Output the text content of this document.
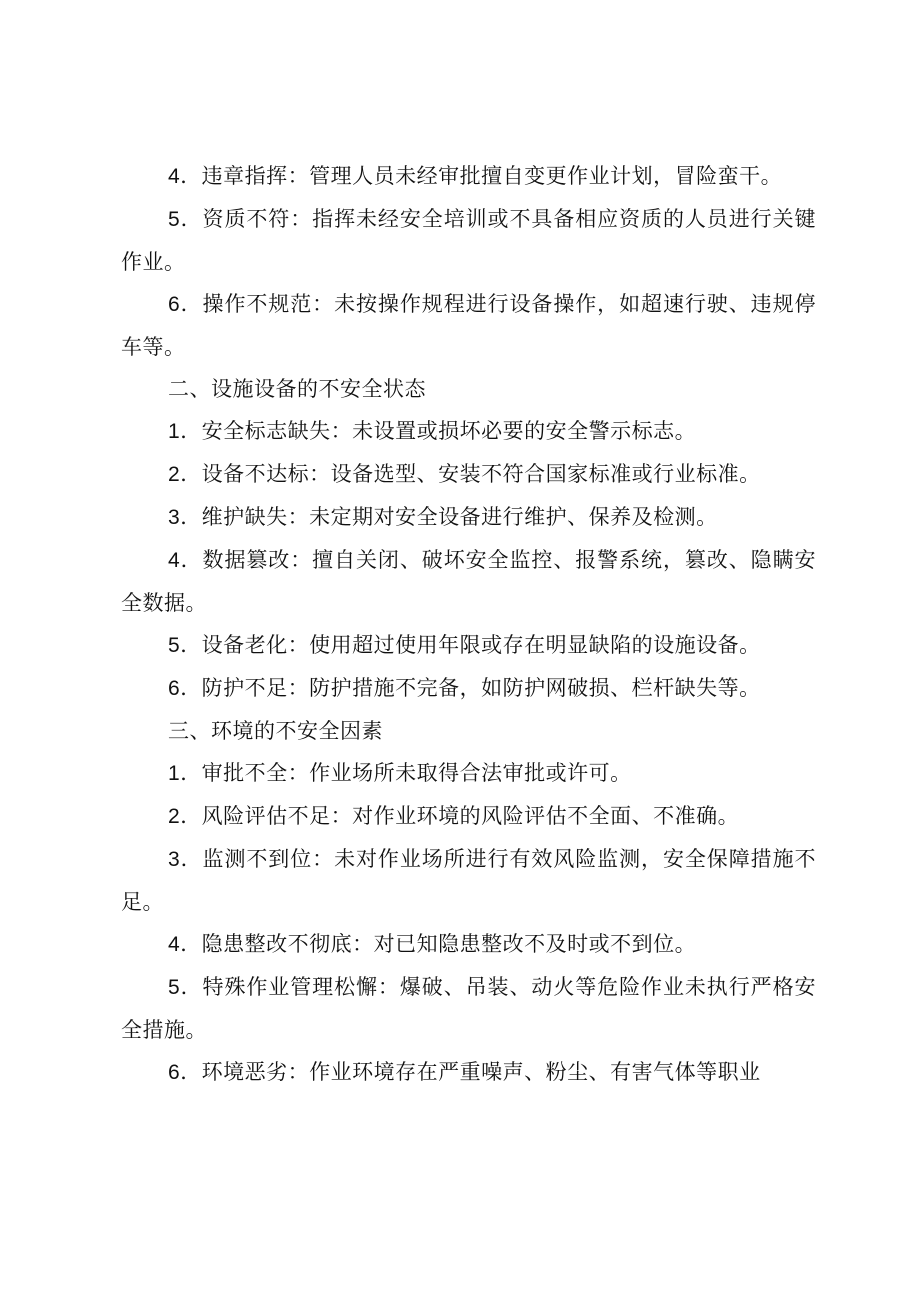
4．违章指挥：管理人员未经审批擅自变更作业计划，冒险蛮干。

5．资质不符：指挥未经安全培训或不具备相应资质的人员进行关键作业。

6．操作不规范：未按操作规程进行设备操作，如超速行驶、违规停车等。

二、设施设备的不安全状态

1．安全标志缺失：未设置或损坏必要的安全警示标志。

2．设备不达标：设备选型、安装不符合国家标准或行业标准。

3．维护缺失：未定期对安全设备进行维护、保养及检测。

4．数据篡改：擅自关闭、破坏安全监控、报警系统，篡改、隐瞒安全数据。

5．设备老化：使用超过使用年限或存在明显缺陷的设施设备。

6．防护不足：防护措施不完备，如防护网破损、栏杆缺失等。

三、环境的不安全因素

1．审批不全：作业场所未取得合法审批或许可。

2．风险评估不足：对作业环境的风险评估不全面、不准确。

3．监测不到位：未对作业场所进行有效风险监测，安全保障措施不足。

4．隐患整改不彻底：对已知隐患整改不及时或不到位。

5．特殊作业管理松懈：爆破、吊装、动火等危险作业未执行严格安全措施。

6．环境恶劣：作业环境存在严重噪声、粉尘、有害气体等职业
